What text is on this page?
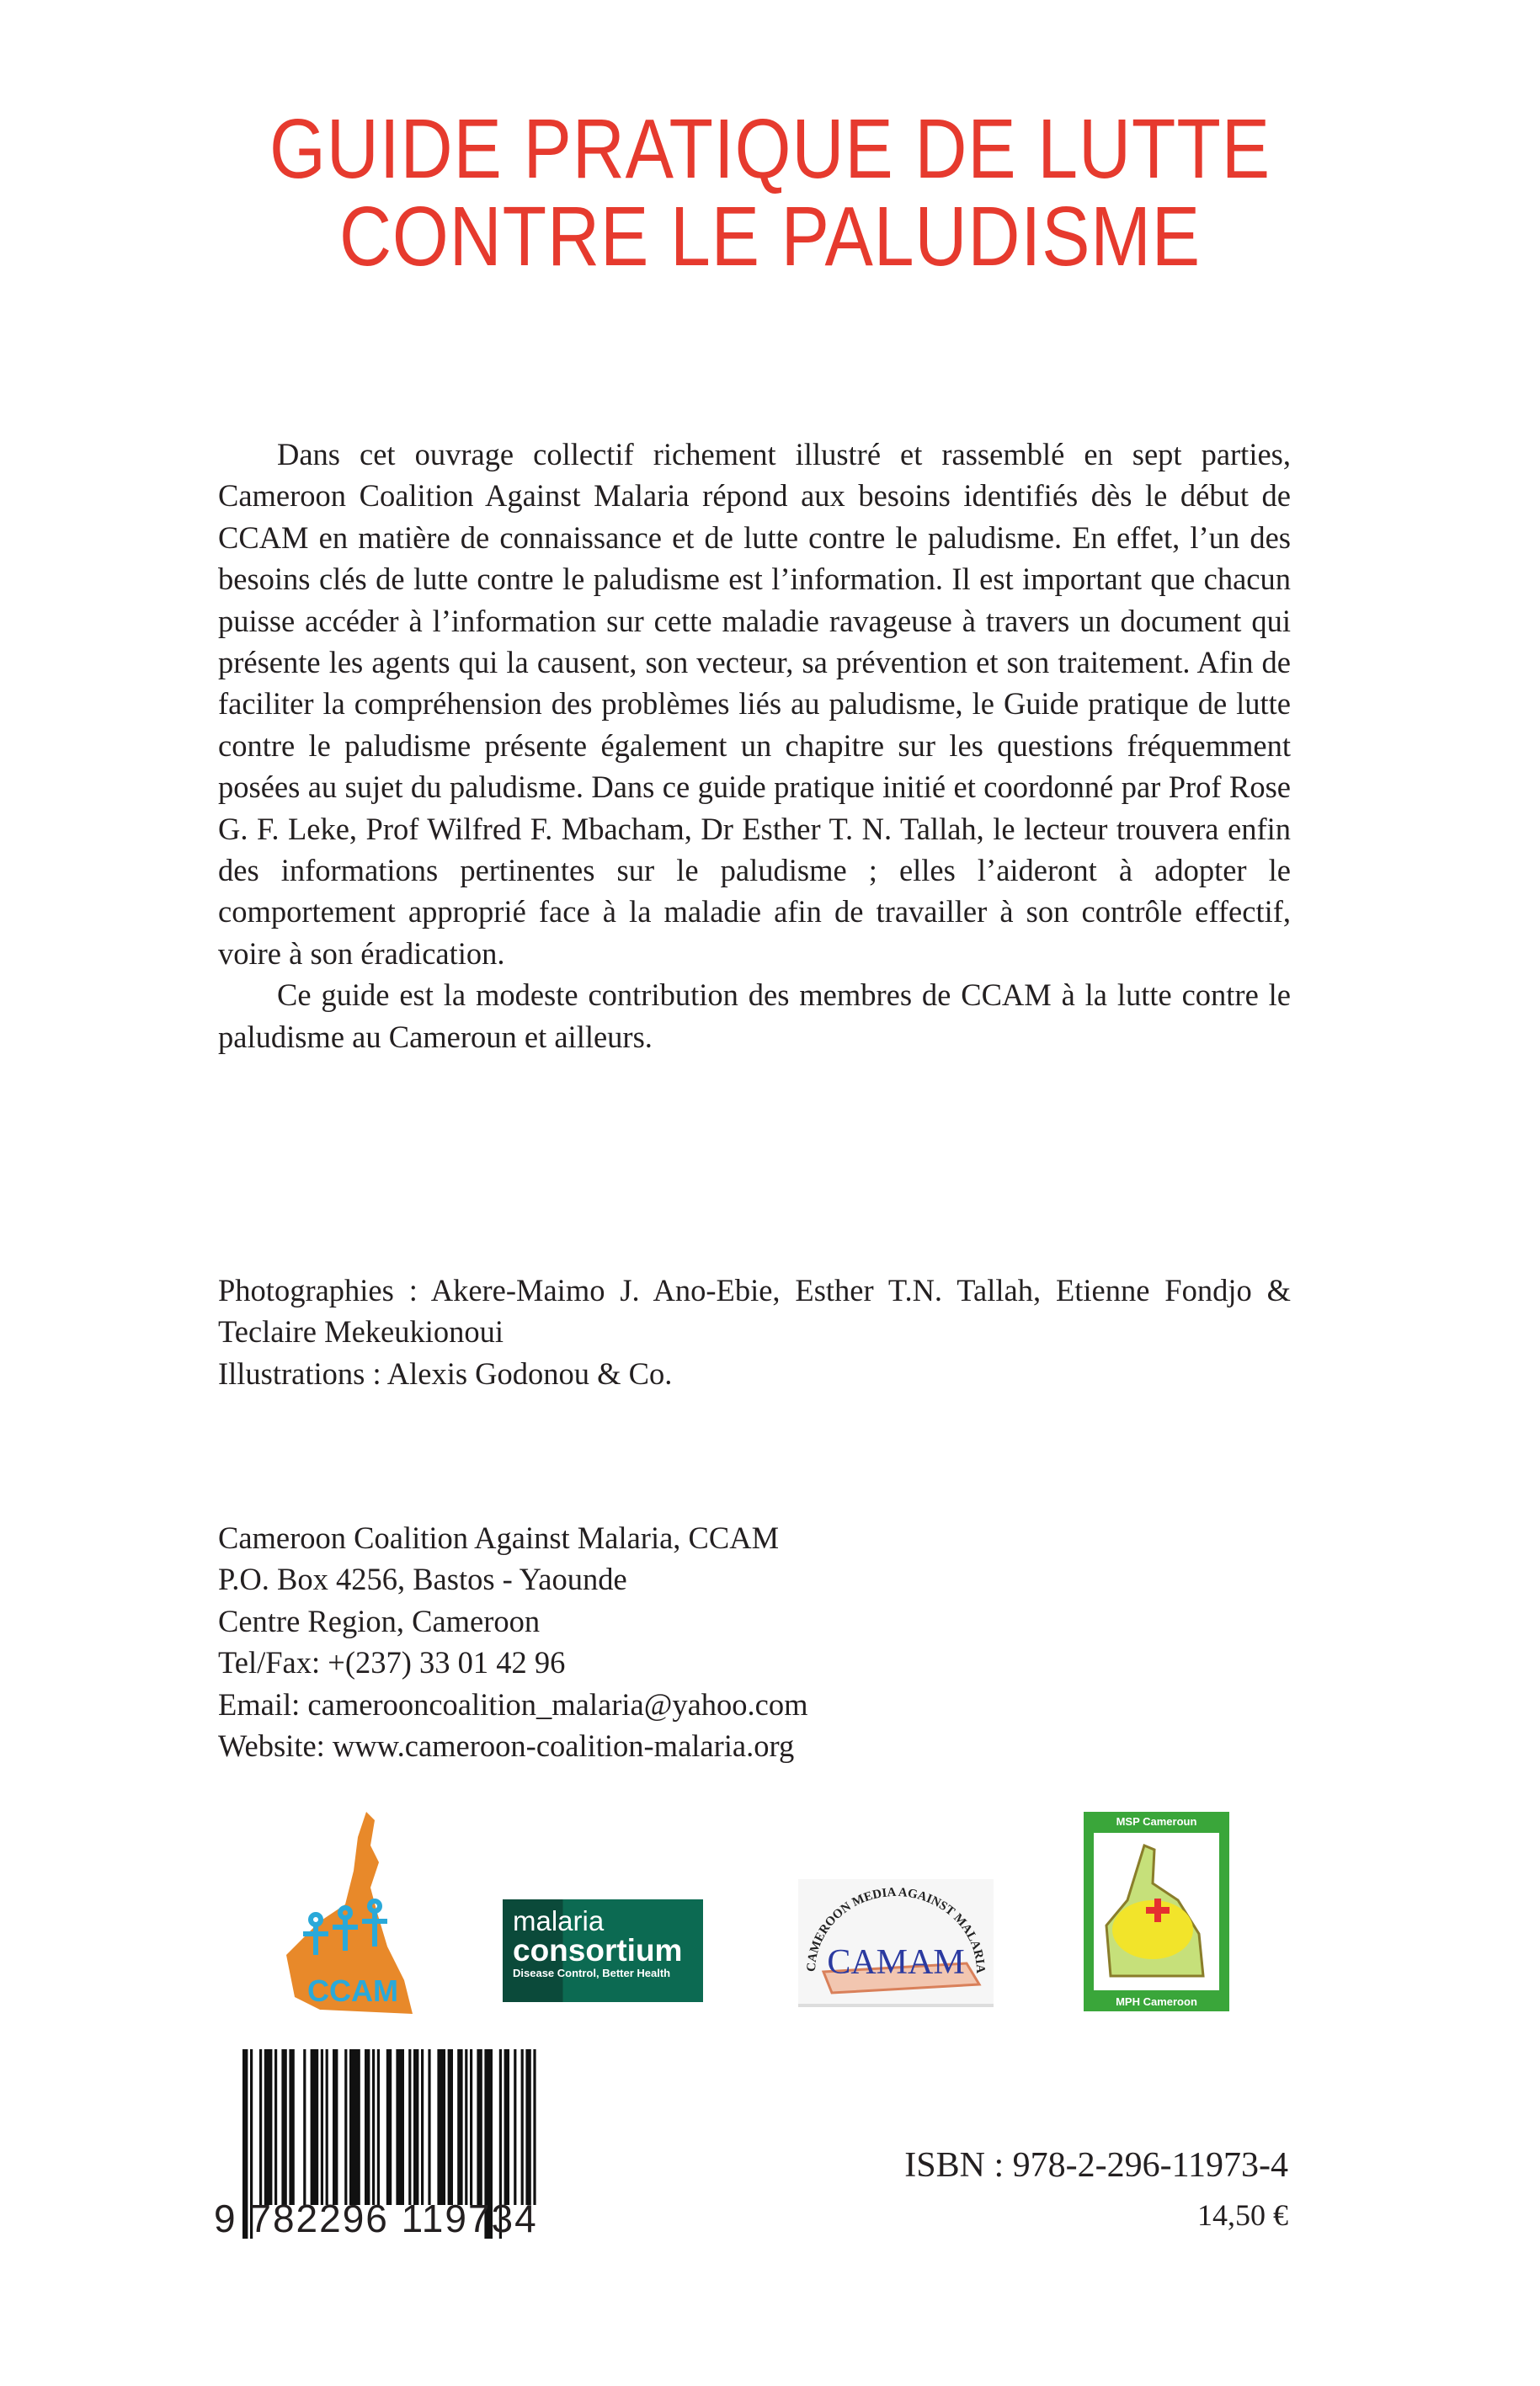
GUIDE PRATIQUE DE LUTTE
CONTRE LE PALUDISME

Dans cet ouvrage collectif richement illustré et rassemblé en sept parties, Cameroon Coalition Against Malaria répond aux besoins identifiés dès le début de CCAM en matière de connaissance et de lutte contre le paludisme. En effet, l’un des besoins clés de lutte contre le paludisme est l’information. Il est important que chacun puisse accéder à l’information sur cette maladie ravageuse à travers un document qui présente les agents qui la causent, son vecteur, sa prévention et son traitement. Afin de faciliter la compréhension des problèmes liés au paludisme, le Guide pratique de lutte contre le paludisme présente également un chapitre sur les questions fréquemment posées au sujet du paludisme. Dans ce guide pratique initié et coordonné par Prof Rose G. F. Leke, Prof Wilfred F. Mbacham, Dr Esther T. N. Tallah, le lecteur trouvera enfin des informations pertinentes sur le paludisme ; elles l’aideront à adopter le comportement approprié face à la maladie afin de travailler à son contrôle effectif, voire à son éradication.

Ce guide est la modeste contribution des membres de CCAM à la lutte contre le paludisme au Cameroun et ailleurs.

Photographies : Akere-Maimo J. Ano-Ebie, Esther T.N. Tallah, Etienne Fondjo & Teclaire Mekeukionoui
Illustrations : Alexis Godonou & Co.
Cameroon Coalition Against Malaria, CCAM
P.O. Box 4256, Bastos - Yaounde
Centre Region, Cameroon
Tel/Fax: +(237) 33 01 42 96
Email: camerooncoalition_malaria@yahoo.com
Website: www.cameroon-coalition-malaria.org
CCAM
malaria
consortium
Disease Control, Better Health	CAMEROON MEDIA AGAINST MALARIA
CAMAM
MSP Cameroun
MPH Cameroon
9 782296 119734
ISBN : 978-2-296-11973-4
14,50 €
